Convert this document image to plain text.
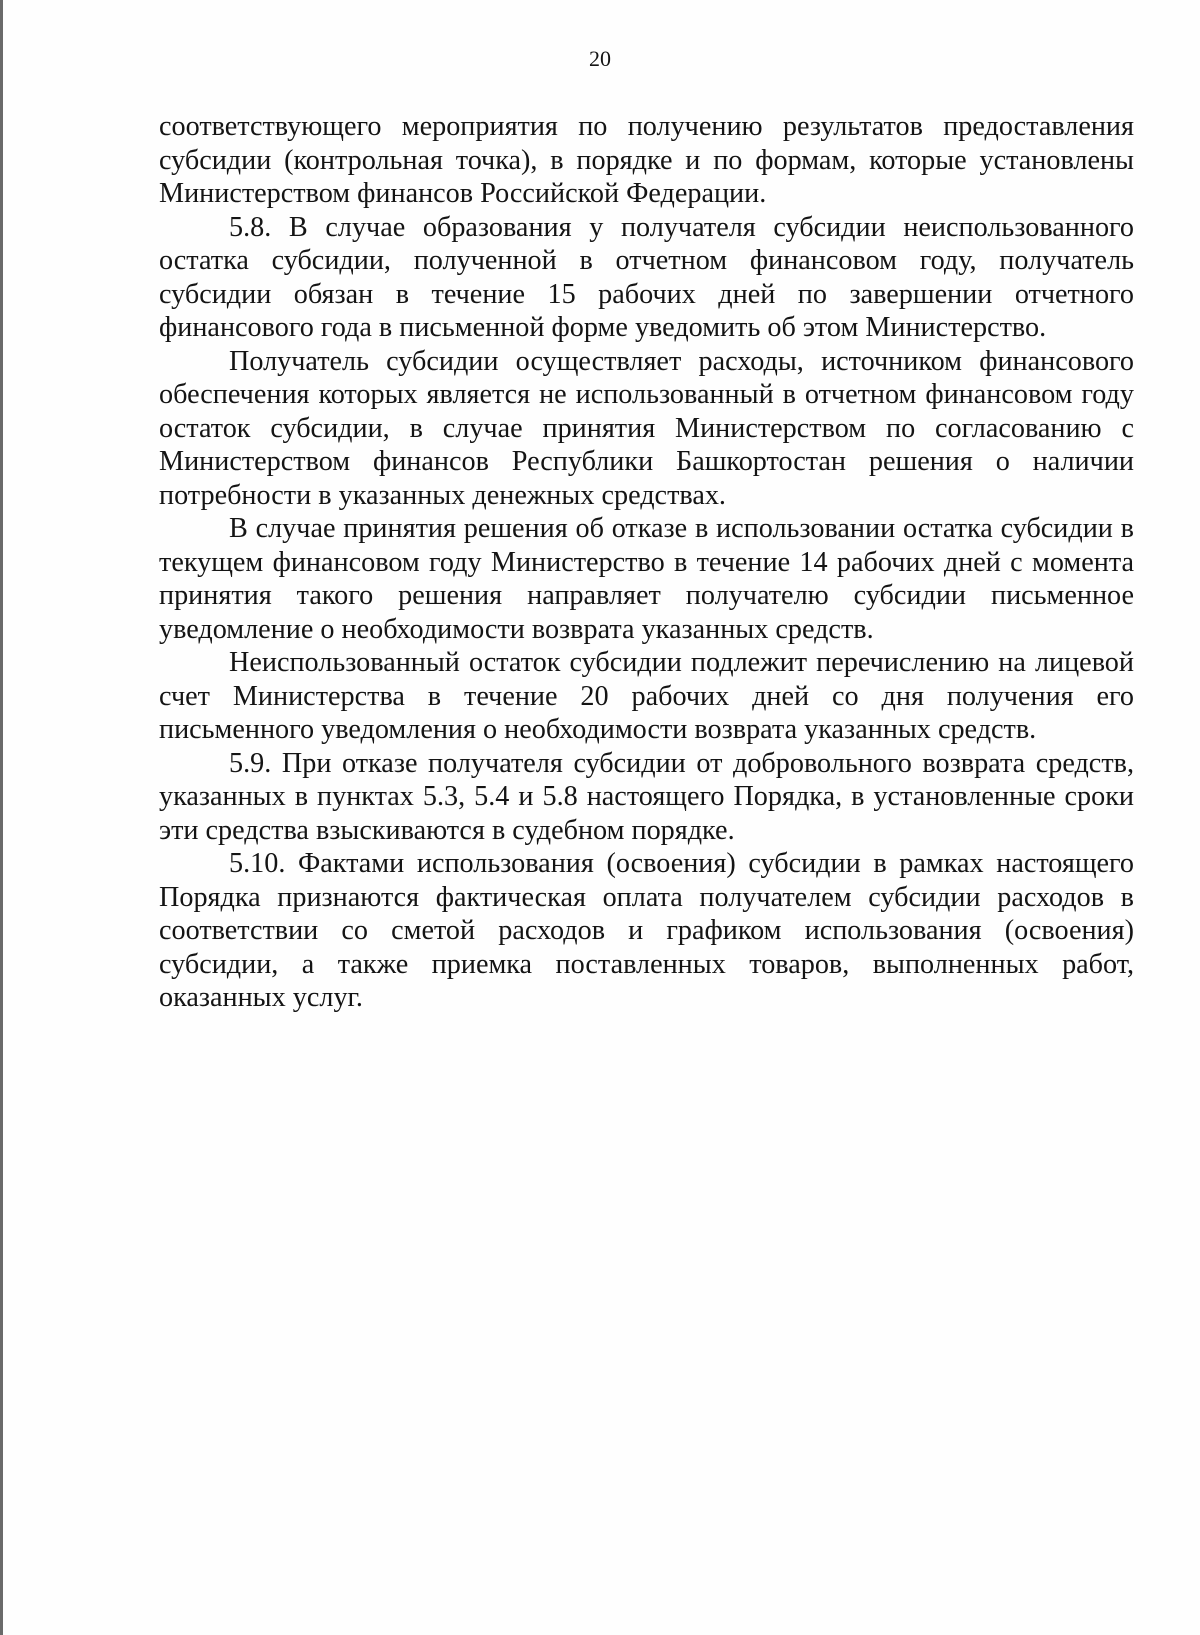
20

соответствующего мероприятия по получению результатов предоставления субсидии (контрольная точка), в порядке и по формам, которые установлены Министерством финансов Российской Федерации.

5.8. В случае образования у получателя субсидии неиспользованного остатка субсидии, полученной в отчетном финансовом году, получатель субсидии обязан в течение 15 рабочих дней по завершении отчетного финансового года в письменной форме уведомить об этом Министерство.

Получатель субсидии осуществляет расходы, источником финансового обеспечения которых является не использованный в отчетном финансовом году остаток субсидии, в случае принятия Министерством по согласованию с Министерством финансов Республики Башкортостан решения о наличии потребности в указанных денежных средствах.

В случае принятия решения об отказе в использовании остатка субсидии в текущем финансовом году Министерство в течение 14 рабочих дней с момента принятия такого решения направляет получателю субсидии письменное уведомление о необходимости возврата указанных средств.

Неиспользованный остаток субсидии подлежит перечислению на лицевой счет Министерства в течение 20 рабочих дней со дня получения его письменного уведомления о необходимости возврата указанных средств.

5.9. При отказе получателя субсидии от добровольного возврата средств, указанных в пунктах 5.3, 5.4 и 5.8 настоящего Порядка, в установленные сроки эти средства взыскиваются в судебном порядке.

5.10. Фактами использования (освоения) субсидии в рамках настоящего Порядка признаются фактическая оплата получателем субсидии расходов в соответствии со сметой расходов и графиком использования (освоения) субсидии, а также приемка поставленных товаров, выполненных работ, оказанных услуг.
